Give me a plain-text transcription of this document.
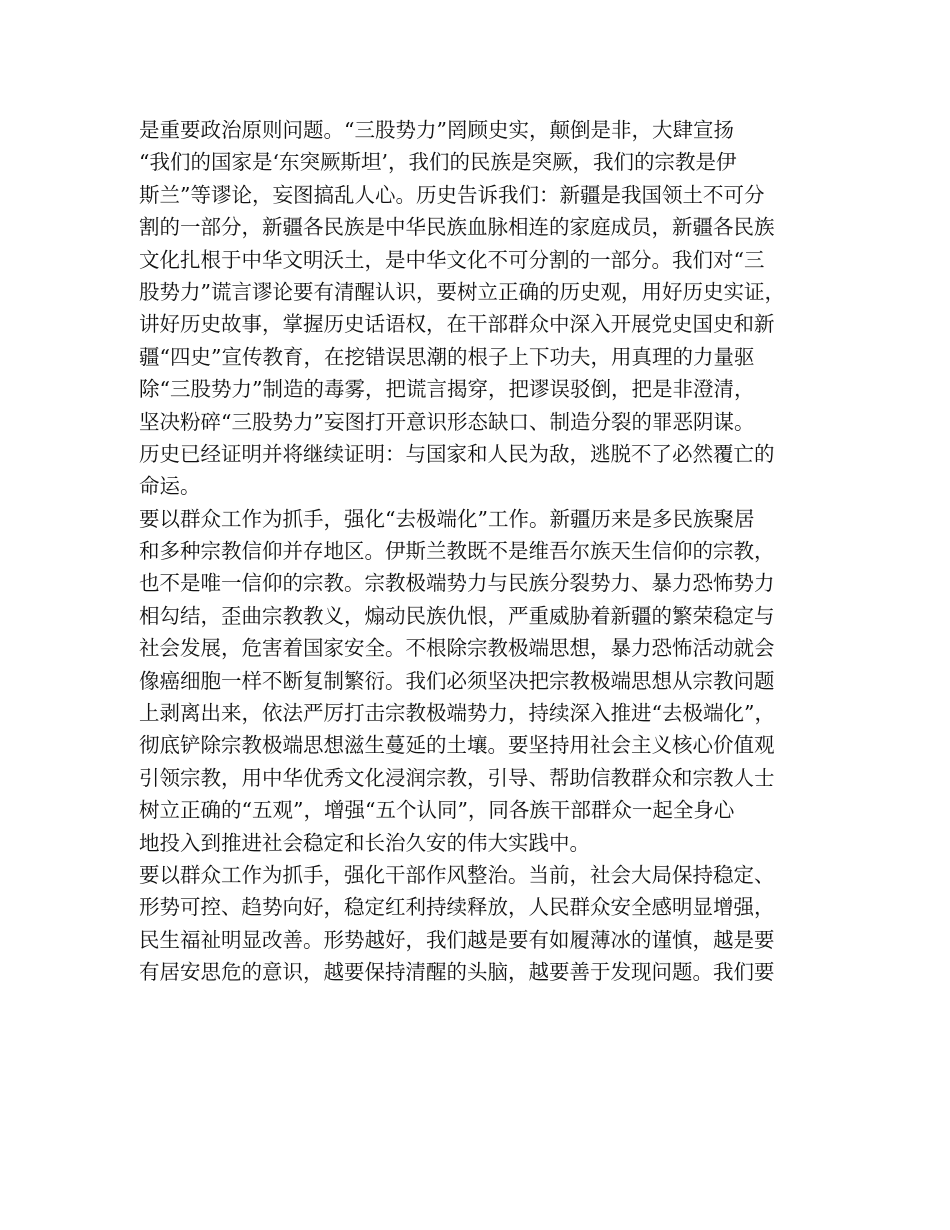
是重要政治原则问题。“三股势力”罔顾史实，颠倒是非，大肆宣扬
“我们的国家是‘东突厥斯坦’，我们的民族是突厥，我们的宗教是伊
斯兰”等谬论，妄图搞乱人心。历史告诉我们：新疆是我国领土不可分
割的一部分，新疆各民族是中华民族血脉相连的家庭成员，新疆各民族
文化扎根于中华文明沃土，是中华文化不可分割的一部分。我们对“三
股势力”谎言谬论要有清醒认识，要树立正确的历史观，用好历史实证，
讲好历史故事，掌握历史话语权，在干部群众中深入开展党史国史和新
疆“四史”宣传教育，在挖错误思潮的根子上下功夫，用真理的力量驱
除“三股势力”制造的毒雾，把谎言揭穿，把谬误驳倒，把是非澄清，
坚决粉碎“三股势力”妄图打开意识形态缺口、制造分裂的罪恶阴谋。
历史已经证明并将继续证明：与国家和人民为敌，逃脱不了必然覆亡的
命运。
要以群众工作为抓手，强化“去极端化”工作。新疆历来是多民族聚居
和多种宗教信仰并存地区。伊斯兰教既不是维吾尔族天生信仰的宗教，
也不是唯一信仰的宗教。宗教极端势力与民族分裂势力、暴力恐怖势力
相勾结，歪曲宗教教义，煽动民族仇恨，严重威胁着新疆的繁荣稳定与
社会发展，危害着国家安全。不根除宗教极端思想，暴力恐怖活动就会
像癌细胞一样不断复制繁衍。我们必须坚决把宗教极端思想从宗教问题
上剥离出来，依法严厉打击宗教极端势力，持续深入推进“去极端化”，
彻底铲除宗教极端思想滋生蔓延的土壤。要坚持用社会主义核心价值观
引领宗教，用中华优秀文化浸润宗教，引导、帮助信教群众和宗教人士
树立正确的“五观”，增强“五个认同”，同各族干部群众一起全身心
地投入到推进社会稳定和长治久安的伟大实践中。
要以群众工作为抓手，强化干部作风整治。当前，社会大局保持稳定、
形势可控、趋势向好，稳定红利持续释放，人民群众安全感明显增强，
民生福祉明显改善。形势越好，我们越是要有如履薄冰的谨慎，越是要
有居安思危的意识，越要保持清醒的头脑，越要善于发现问题。我们要
